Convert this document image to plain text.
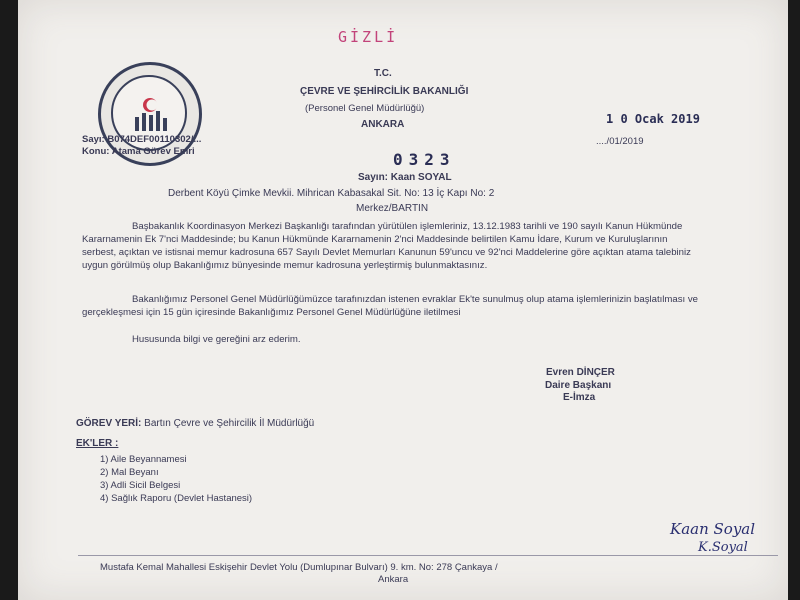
GİZLİ
T.C.
ÇEVRE VE ŞEHİRCİLİK BAKANLIĞI
(Personel Genel Müdürlüğü)
ANKARA	1 0 Ocak 2019
..../01/2019
Sayı: B074DEF00110302/...
Konu: Atama Görev Emri	0323
Sayın: Kaan SOYAL
Derbent Köyü Çimke Mevkii. Mihrican Kabasakal Sit. No: 13 İç Kapı No: 2
Merkez/BARTIN
Başbakanlık Koordinasyon Merkezi Başkanlığı tarafından yürütülen işlemleriniz, 13.12.1983 tarihli ve 190 sayılı Kanun Hükmünde Kararnamenin Ek 7'nci Maddesinde; bu Kanun Hükmünde Kararnamenin 2'nci Maddesinde belirtilen Kamu İdare, Kurum ve Kuruluşlarının serbest, açıktan ve istisnai memur kadrosuna 657 Sayılı Devlet Memurları Kanunun 59'uncu ve 92'nci Maddelerine göre açıktan atama talebiniz uygun görülmüş olup Bakanlığımız bünyesinde memur kadrosuna yerleştirmiş bulunmaktasınız.
Bakanlığımız Personel Genel Müdürlüğümüzce tarafınızdan istenen evraklar Ek'te sunulmuş olup atama işlemlerinizin başlatılması ve gerçekleşmesi için 15 gün içiresinde Bakanlığımız Personel Genel Müdürlüğüne iletilmesi
Hususunda bilgi ve gereğini arz ederim.
Evren DİNÇER
Daire Başkanı
E-İmza
GÖREV YERİ: Bartın Çevre ve Şehircilik İl Müdürlüğü
EK'LER :
1) Aile Beyannamesi
2) Mal Beyanı
3) Adli Sicil Belgesi
4) Sağlık Raporu (Devlet Hastanesi)
Kaan Soyal
K.Soyal
Mustafa Kemal Mahallesi Eskişehir Devlet Yolu (Dumlupınar Bulvarı) 9. km. No: 278 Çankaya /
Ankara
